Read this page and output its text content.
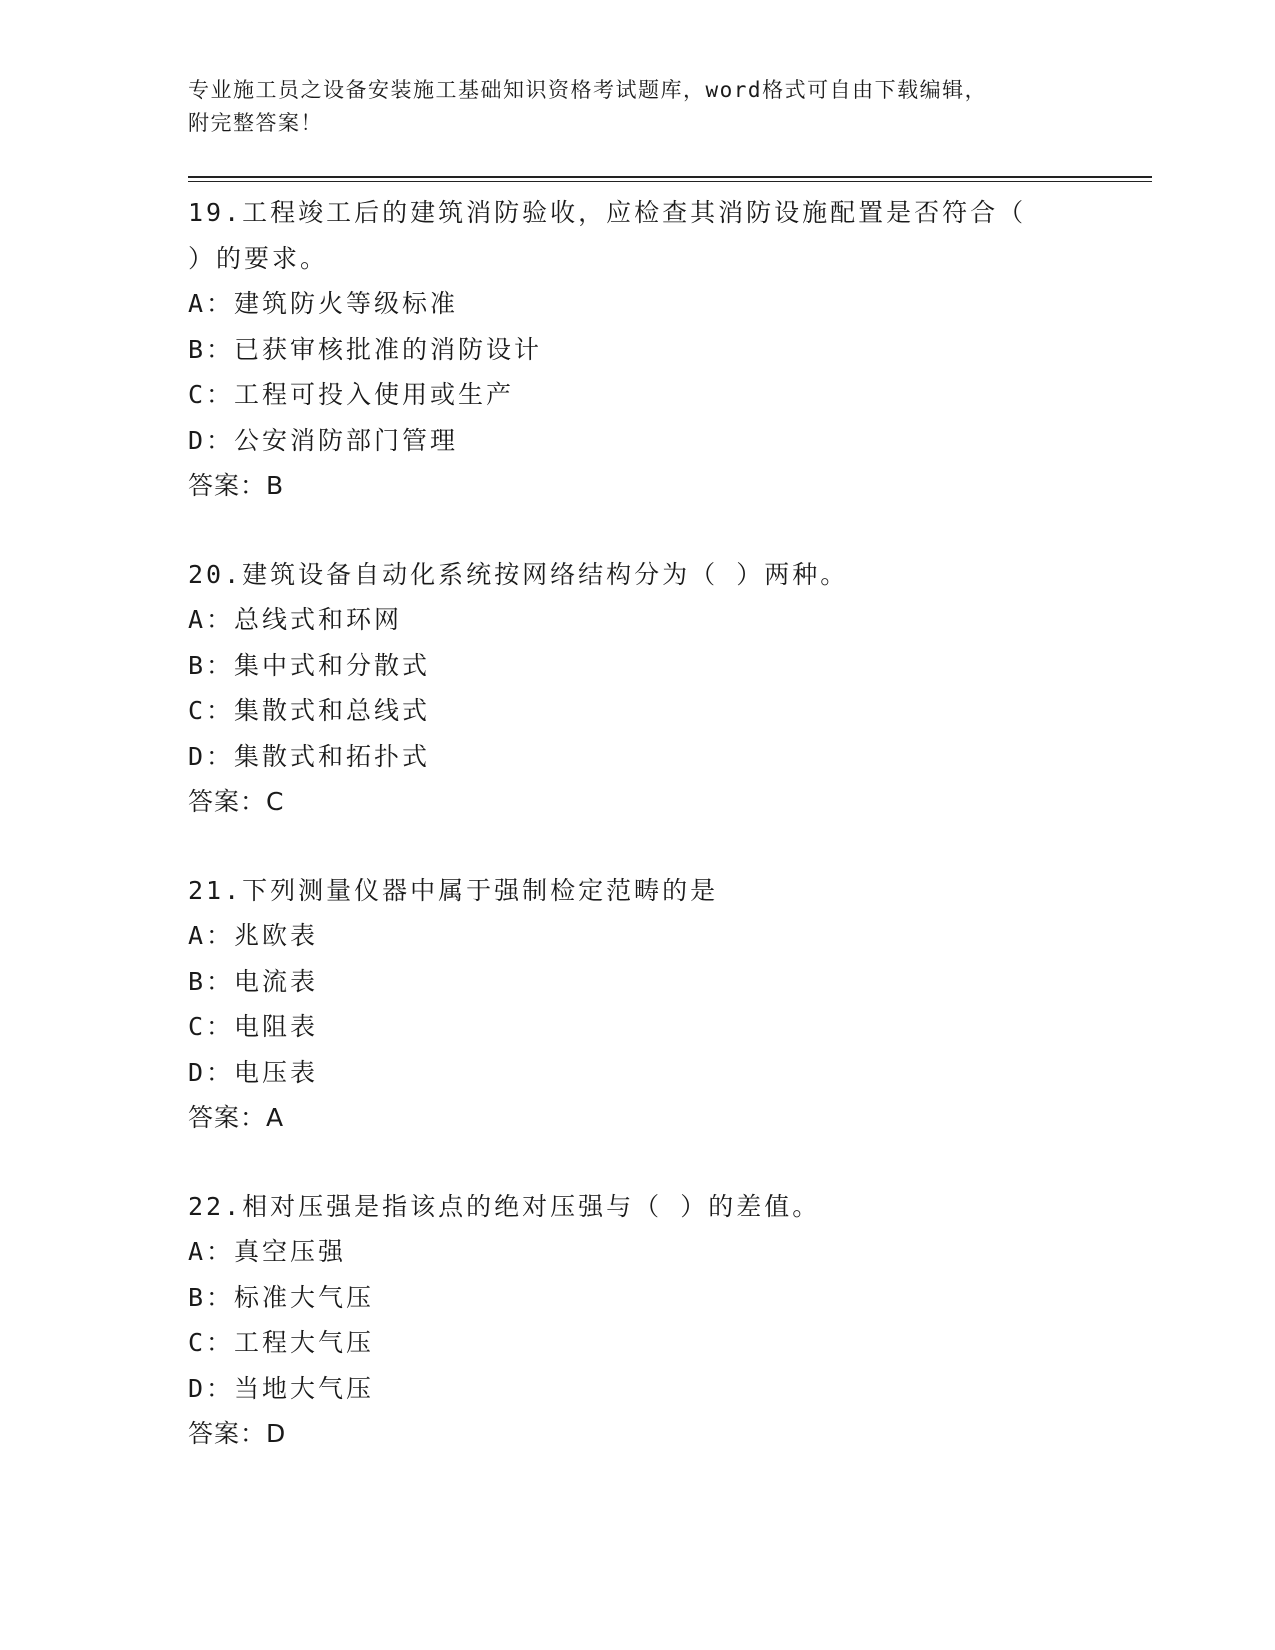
专业施工员之设备安装施工基础知识资格考试题库，word格式可自由下载编辑，
附完整答案！
19.工程竣工后的建筑消防验收，应检查其消防设施配置是否符合（
）的要求。
A：建筑防火等级标准
B：已获审核批准的消防设计
C：工程可投入使用或生产
D：公安消防部门管理
答案：B
20.建筑设备自动化系统按网络结构分为（ ）两种。
A：总线式和环网
B：集中式和分散式
C：集散式和总线式
D：集散式和拓扑式
答案：C
21.下列测量仪器中属于强制检定范畴的是
A：兆欧表
B：电流表
C：电阻表
D：电压表
答案：A
22.相对压强是指该点的绝对压强与（ ）的差值。
A：真空压强
B：标准大气压
C：工程大气压
D：当地大气压
答案：D
